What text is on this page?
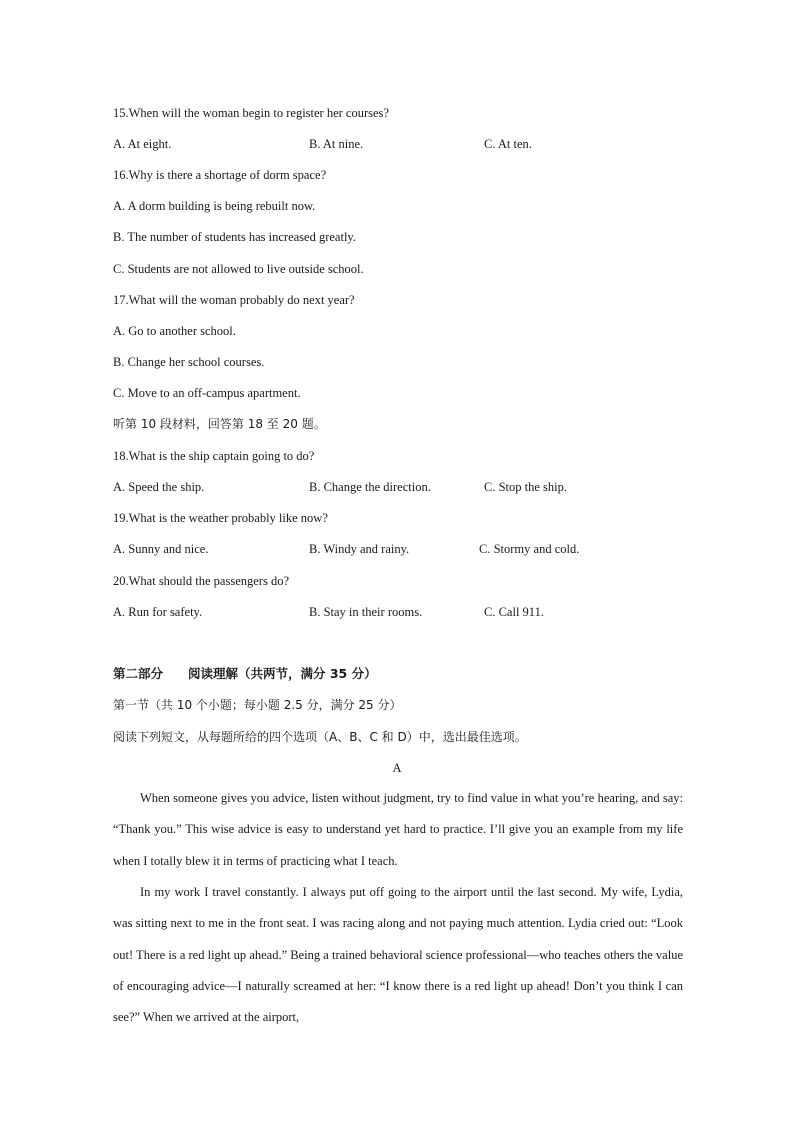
15.When will the woman begin to register her courses?
A. At eight.	B. At nine.	C. At ten.
16.Why is there a shortage of dorm space?
A. A dorm building is being rebuilt now.
B. The number of students has increased greatly.
C. Students are not allowed to live outside school.
17.What will the woman probably do next year?
A. Go to another school.
B. Change her school courses.
C. Move to an off-campus apartment.
听第 10 段材料，回答第 18 至 20 题。
18.What is the ship captain going to do?
A. Speed the ship.	B. Change the direction.	C. Stop the ship.
19.What is the weather probably like now?
A. Sunny and nice.	B. Windy and rainy.	C. Stormy and cold.
20.What should the passengers do?
A. Run for safety.	B. Stay in their rooms.	C. Call 911.
第二部分　　阅读理解（共两节，满分 35 分）
第一节（共 10 个小题；每小题 2.5 分，满分 25 分）
阅读下列短文，从每题所给的四个选项（A、B、C 和 D）中，选出最佳选项。
A

When someone gives you advice, listen without judgment, try to find value in what you’re hearing, and say: “Thank you.” This wise advice is easy to understand yet hard to practice. I’ll give you an example from my life when I totally blew it in terms of practicing what I teach.

In my work I travel constantly. I always put off going to the airport until the last second. My wife, Lydia, was sitting next to me in the front seat. I was racing along and not paying much attention. Lydia cried out: “Look out! There is a red light up ahead.” Being a trained behavioral science professional—who teaches others the value of encouraging advice—I naturally screamed at her: “I know there is a red light up ahead! Don’t you think I can see?” When we arrived at the airport,
